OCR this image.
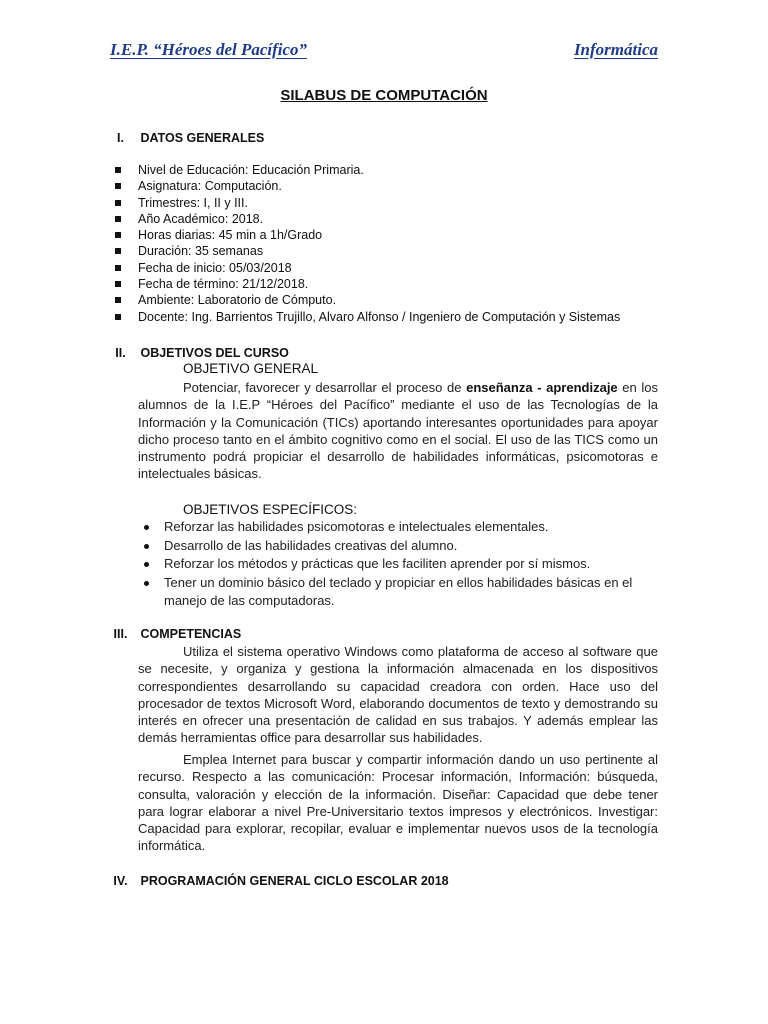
I.E.P. “Héroes del Pacífico”	Informática
SILABUS DE COMPUTACIÓN
I. DATOS GENERALES
Nivel de Educación: Educación Primaria.
Asignatura: Computación.
Trimestres: I, II y III.
Año Académico: 2018.
Horas diarias: 45 min a 1h/Grado
Duración: 35 semanas
Fecha de inicio: 05/03/2018
Fecha de término: 21/12/2018.
Ambiente: Laboratorio de Cómputo.
Docente: Ing. Barrientos Trujillo, Alvaro Alfonso / Ingeniero de Computación y Sistemas
II. OBJETIVOS DEL CURSO
OBJETIVO GENERAL

Potenciar, favorecer y desarrollar el proceso de enseñanza - aprendizaje en los alumnos de la I.E.P “Héroes del Pacífico” mediante el uso de las Tecnologías de la Información y la Comunicación (TICs) aportando interesantes oportunidades para apoyar dicho proceso tanto en el ámbito cognitivo como en el social. El uso de las TICS como un instrumento podrá propiciar el desarrollo de habilidades informáticas, psicomotoras e intelectuales básicas.

OBJETIVOS ESPECÍFICOS:
Reforzar las habilidades psicomotoras e intelectuales elementales.
Desarrollo de las habilidades creativas del alumno.
Reforzar los métodos y prácticas que les faciliten aprender por sí mismos.
Tener un dominio básico del teclado y propiciar en ellos habilidades básicas en el manejo de las computadoras.
III. COMPETENCIAS

Utiliza el sistema operativo Windows como plataforma de acceso al software que se necesite, y organiza y gestiona la información almacenada en los dispositivos correspondientes desarrollando su capacidad creadora con orden. Hace uso del procesador de textos Microsoft Word, elaborando documentos de texto y demostrando su interés en ofrecer una presentación de calidad en sus trabajos. Y además emplear las demás herramientas office para desarrollar sus habilidades.

Emplea Internet para buscar y compartir información dando un uso pertinente al recurso. Respecto a las comunicación: Procesar información, Información: búsqueda, consulta, valoración y elección de la información. Diseñar: Capacidad que debe tener para lograr elaborar a nivel Pre-Universitario textos impresos y electrónicos. Investigar: Capacidad para explorar, recopilar, evaluar e implementar nuevos usos de la tecnología informática.

IV. PROGRAMACIÓN GENERAL CICLO ESCOLAR 2018
